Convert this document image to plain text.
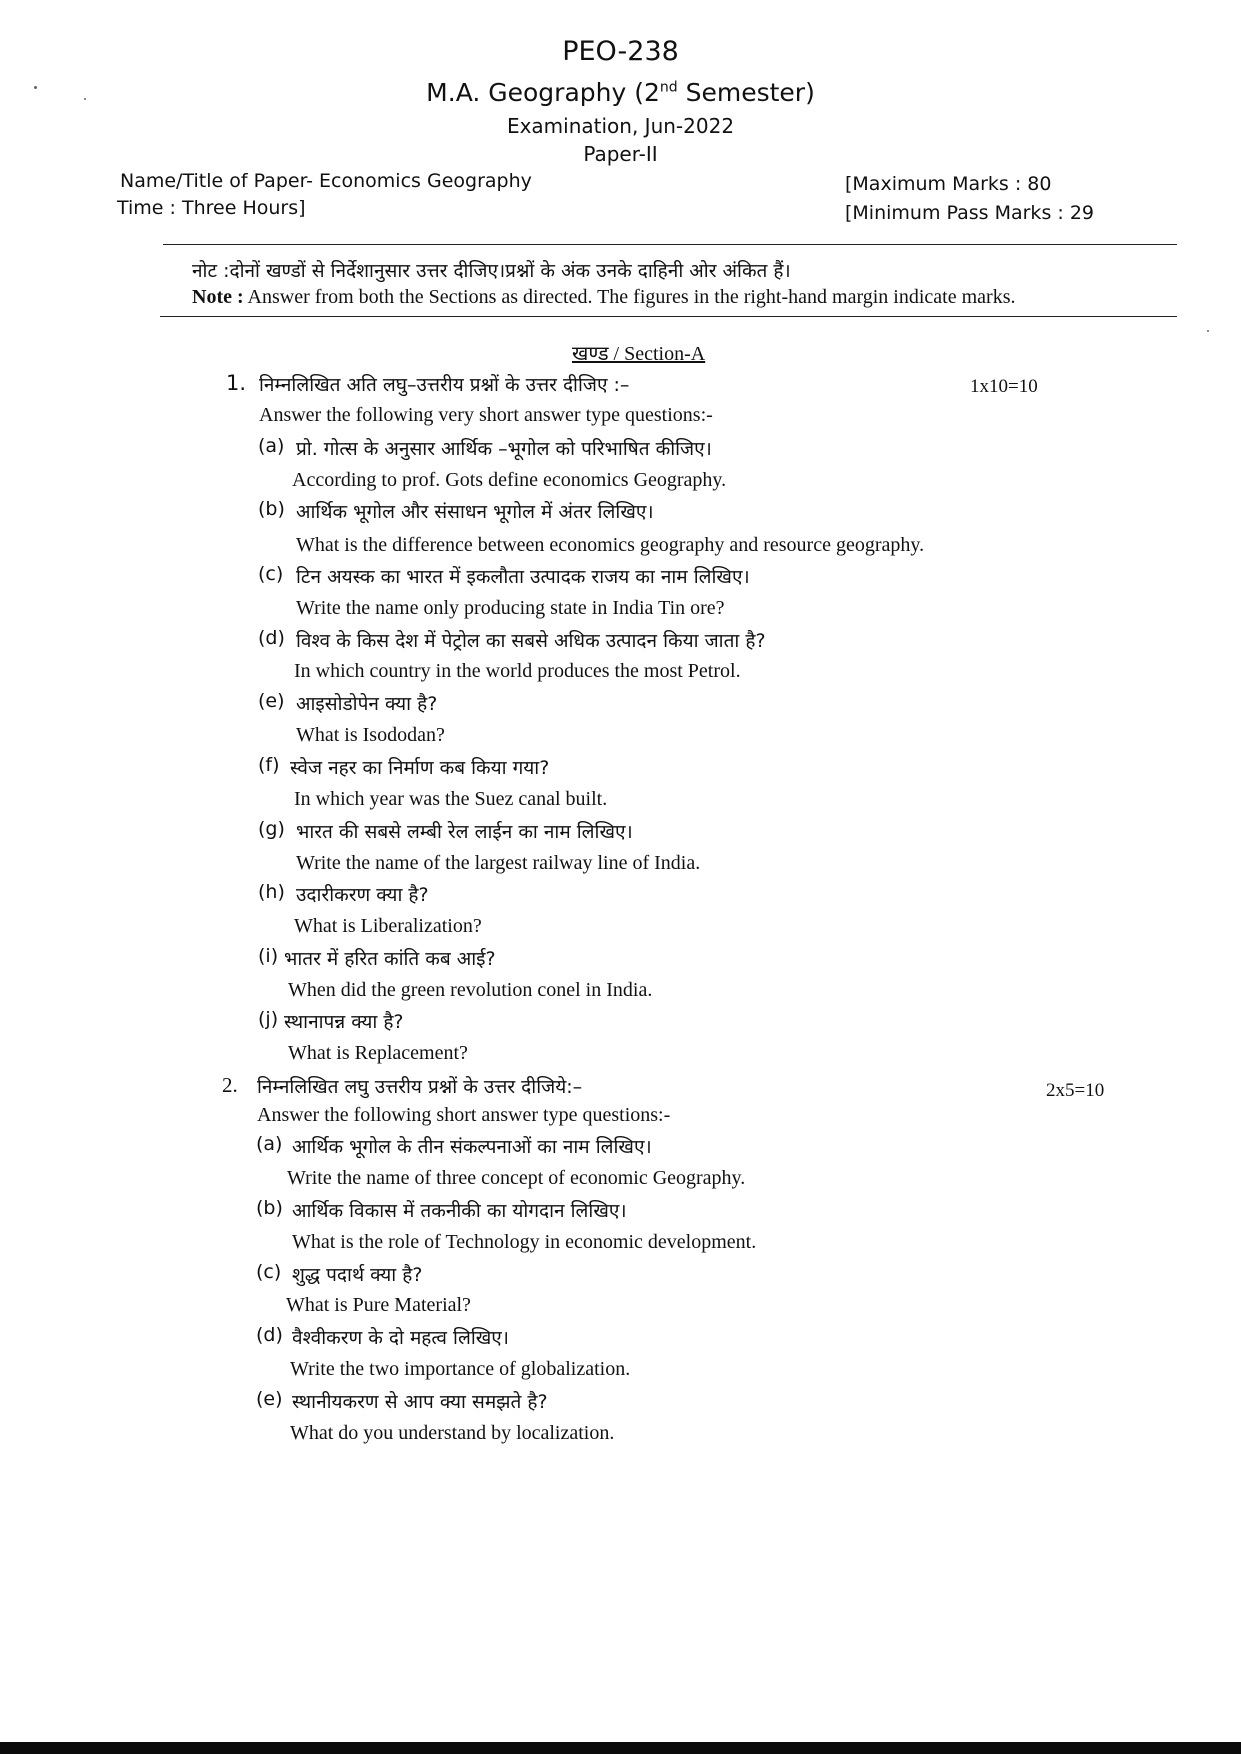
PEO-238
M.A. Geography (2nd Semester)
Examination, Jun-2022
Paper-II
Name/Title of Paper- Economics Geography
Time : Three Hours]
[Maximum Marks : 80
[Minimum Pass Marks : 29
नोट :दोनों खण्डों से निर्देशानुसार उत्तर दीजिए।प्रश्नों के अंक उनके दाहिनी ओर अंकित हैं।
Note : Answer from both the Sections as directed. The figures in the right-hand margin indicate marks.
खण्ड / Section-A
1. निम्नलिखित अति लघु–उत्तरीय प्रश्नों के उत्तर दीजिए :–	1x10=10
Answer the following very short answer type questions:-
(a) प्रो. गोत्स के अनुसार आर्थिक –भूगोल को परिभाषित कीजिए।
According to prof. Gots define economics Geography.
(b) आर्थिक भूगोल और संसाधन भूगोल में अंतर लिखिए।
What is the difference between economics geography and resource geography.
(c) टिन अयस्क का भारत में इकलौता उत्पादक राजय का नाम लिखिए।
Write the name only producing state in India Tin ore?
(d) विश्व के किस देश में पेट्रोल का सबसे अधिक उत्पादन किया जाता है?
In which country in the world produces the most Petrol.
(e) आइसोडोपेन क्या है?
What is Isododan?
(f) स्वेज नहर का निर्माण कब किया गया?
In which year was the Suez canal built.
(g) भारत की सबसे लम्बी रेल लाईन का नाम लिखिए।
Write the name of the largest railway line of India.
(h) उदारीकरण क्या है?
What is Liberalization?
(i) भातर में हरित कांति कब आई?
When did the green revolution conel in India.
(j) स्थानापन्न क्या है?
What is Replacement?
2. निम्नलिखित लघु उत्तरीय प्रश्नों के उत्तर दीजिये:–	2x5=10
Answer the following short answer type questions:-
(a) आर्थिक भूगोल के तीन संकल्पनाओं का नाम लिखिए।
Write the name of three concept of economic Geography.
(b) आर्थिक विकास में तकनीकी का योगदान लिखिए।
What is the role of Technology in economic development.
(c) शुद्ध पदार्थ क्या है?
What is Pure Material?
(d) वैश्वीकरण के दो महत्व लिखिए।
Write the two importance of globalization.
(e) स्थानीयकरण से आप क्या समझते है?
What do you understand by localization.
